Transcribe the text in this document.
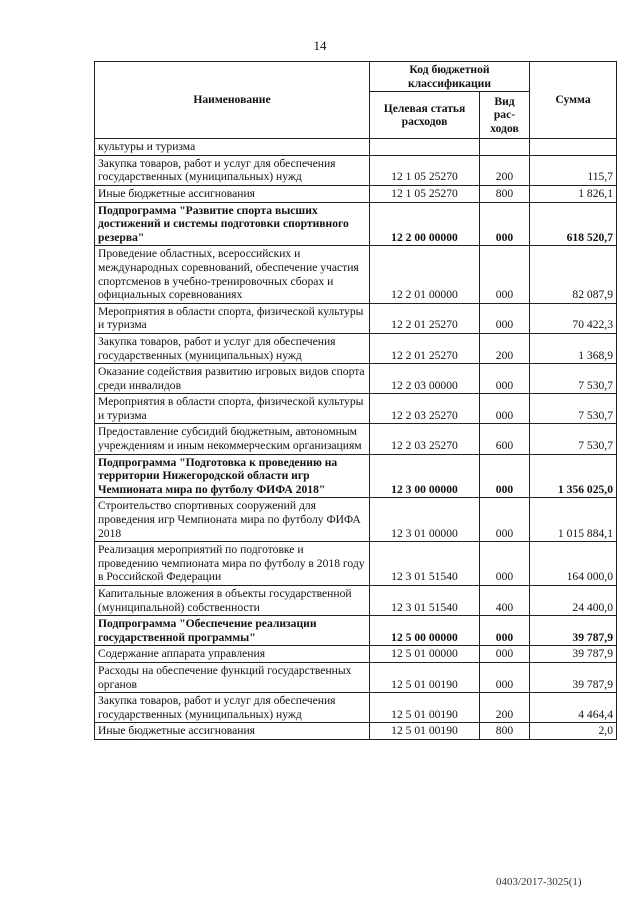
14
Наименование	Код бюджетной классификации		Сумма
	Целевая статья расходов	Вид рас-ходов	
культуры и туризма			
Закупка товаров, работ и услуг для обеспечения государственных (муниципальных) нужд	12 1 05 25270	200	115,7
Иные бюджетные ассигнования	12 1 05 25270	800	1 826,1
Подпрограмма "Развитие спорта высших достижений и системы подготовки спортивного резерва"	12 2 00 00000	000	618 520,7
Проведение областных, всероссийских и международных соревнований, обеспечение участия спортсменов в учебно-тренировочных сборах и официальных соревнованиях	12 2 01 00000	000	82 087,9
Мероприятия в области спорта, физической культуры и туризма	12 2 01 25270	000	70 422,3
Закупка товаров, работ и услуг для обеспечения государственных (муниципальных) нужд	12 2 01 25270	200	1 368,9
Оказание содействия развитию игровых видов спорта среди инвалидов	12 2 03 00000	000	7 530,7
Мероприятия в области спорта, физической культуры и туризма	12 2 03 25270	000	7 530,7
Предоставление субсидий бюджетным, автономным учреждениям и иным некоммерческим организациям	12 2 03 25270	600	7 530,7
Подпрограмма "Подготовка к проведению на территории Нижегородской области игр Чемпионата мира по футболу ФИФА 2018"	12 3 00 00000	000	1 356 025,0
Строительство спортивных сооружений для проведения игр Чемпионата мира по футболу ФИФА 2018	12 3 01 00000	000	1 015 884,1
Реализация мероприятий по подготовке и проведению чемпионата мира по футболу в 2018 году в Российской Федерации	12 3 01 51540	000	164 000,0
Капитальные вложения в объекты государственной (муниципальной) собственности	12 3 01 51540	400	24 400,0
Подпрограмма "Обеспечение реализации государственной программы"	12 5 00 00000	000	39 787,9
Содержание аппарата управления	12 5 01 00000	000	39 787,9
Расходы на обеспечение функций государственных органов	12 5 01 00190	000	39 787,9
Закупка товаров, работ и услуг для обеспечения государственных (муниципальных) нужд	12 5 01 00190	200	4 464,4
Иные бюджетные ассигнования	12 5 01 00190	800	2,0
0403/2017-3025(1)
